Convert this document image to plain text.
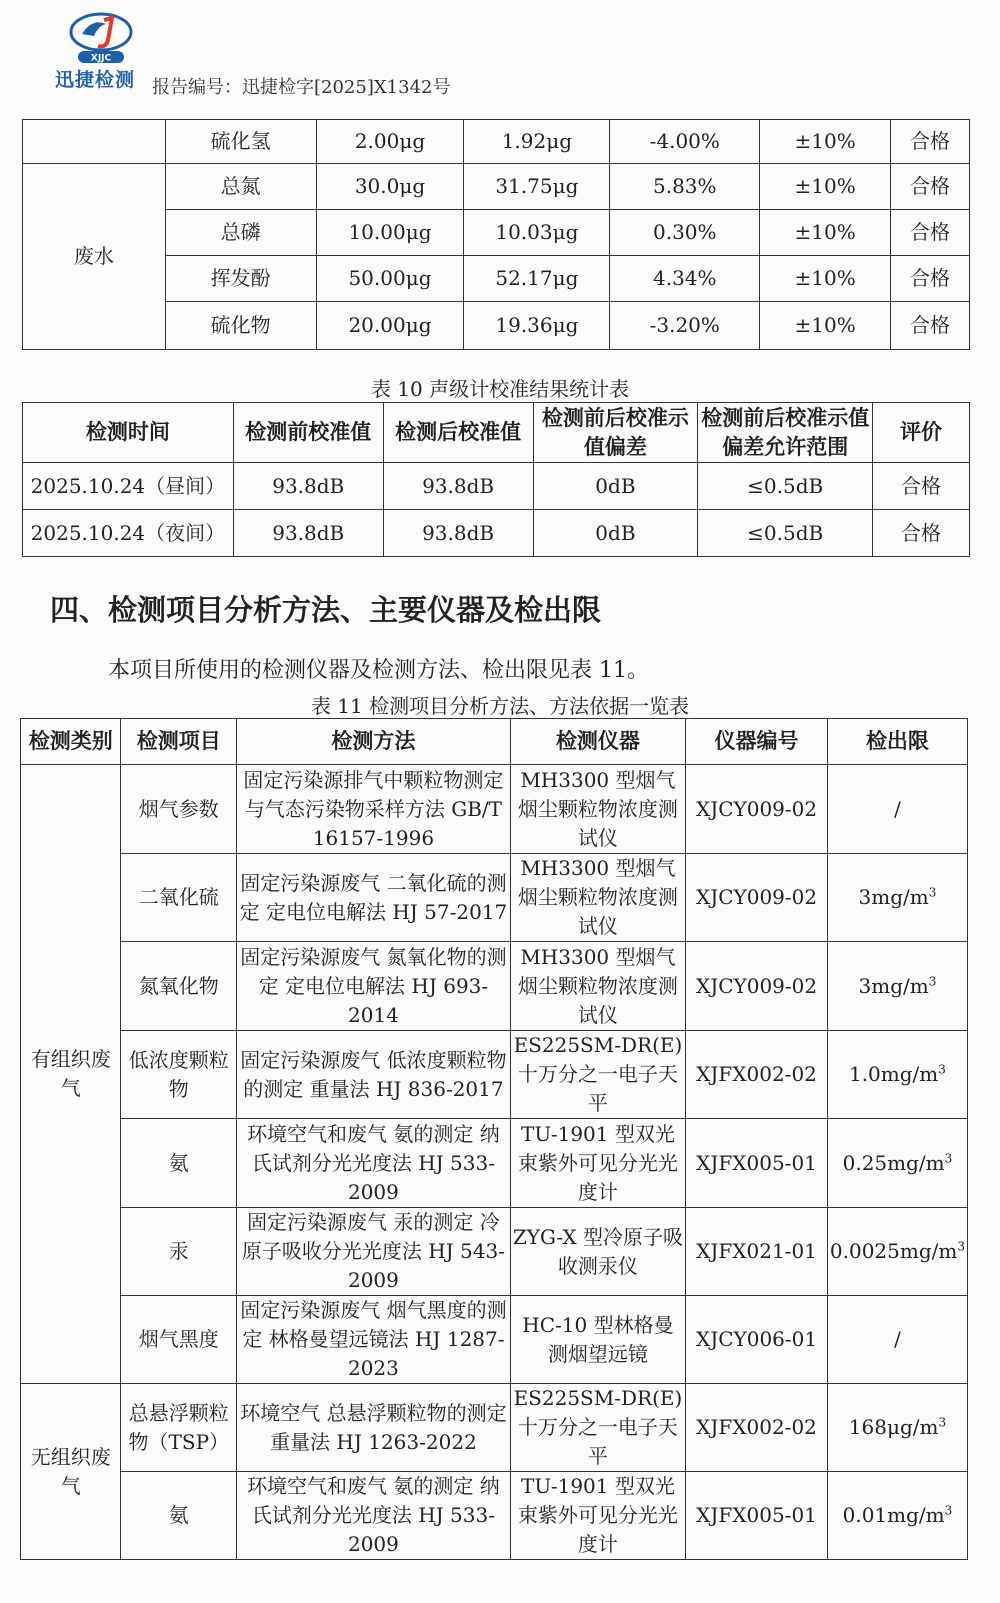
XJJC
迅捷检测 报告编号：迅捷检字[2025]X1342号
	硫化氢	2.00μg	1.92μg	-4.00%	±10%	合格
废水	总氮	30.0μg	31.75μg	5.83%	±10%	合格
	总磷	10.00μg	10.03μg	0.30%	±10%	合格
	挥发酚	50.00μg	52.17μg	4.34%	±10%	合格
	硫化物	20.00μg	19.36μg	-3.20%	±10%	合格
表 10 声级计校准结果统计表
检测时间	检测前校准值	检测后校准值	检测前后校准示值偏差	检测前后校准示值偏差允许范围	评价
2025.10.24（昼间）	93.8dB	93.8dB	0dB	≤0.5dB	合格
2025.10.24（夜间）	93.8dB	93.8dB	0dB	≤0.5dB	合格
四、检测项目分析方法、主要仪器及检出限
本项目所使用的检测仪器及检测方法、检出限见表 11。
表 11 检测项目分析方法、方法依据一览表
检测类别	检测项目	检测方法	检测仪器	仪器编号	检出限
有组织废气	烟气参数	固定污染源排气中颗粒物测定与气态污染物采样方法 GB/T 16157-1996	MH3300 型烟气烟尘颗粒物浓度测试仪	XJCY009-02	/
	二氧化硫	固定污染源废气 二氧化硫的测定 定电位电解法 HJ 57-2017	MH3300 型烟气烟尘颗粒物浓度测试仪	XJCY009-02	$3mg/m^3$
	氮氧化物	固定污染源废气 氮氧化物的测定 定电位电解法 HJ 693-2014	MH3300 型烟气烟尘颗粒物浓度测试仪	XJCY009-02	$3mg/m^3$
	低浓度颗粒物	固定污染源废气 低浓度颗粒物的测定 重量法 HJ 836-2017	ES225SM-DR(E) 十万分之一电子天平	XJFX002-02	$1.0mg/m^3$
	氨	环境空气和废气 氨的测定 纳氏试剂分光光度法 HJ 533-2009	TU-1901 型双光束紫外可见分光光度计	XJFX005-01	$0.25mg/m^3$
	汞	固定污染源废气 汞的测定 冷原子吸收分光光度法 HJ 543-2009	ZYG-X 型冷原子吸收测汞仪	XJFX021-01	$0.0025mg/m^3$
	烟气黑度	固定污染源废气 烟气黑度的测定 林格曼望远镜法 HJ 1287-2023	HC-10 型林格曼测烟望远镜	XJCY006-01	/
无组织废气	总悬浮颗粒物（TSP）	环境空气 总悬浮颗粒物的测定 重量法 HJ 1263-2022	ES225SM-DR(E) 十万分之一电子天平	XJFX002-02	$168\mu g/m^3$
	氨	环境空气和废气 氨的测定 纳氏试剂分光光度法 HJ 533-2009	TU-1901 型双光束紫外可见分光光度计	XJFX005-01	$0.01mg/m^3$
